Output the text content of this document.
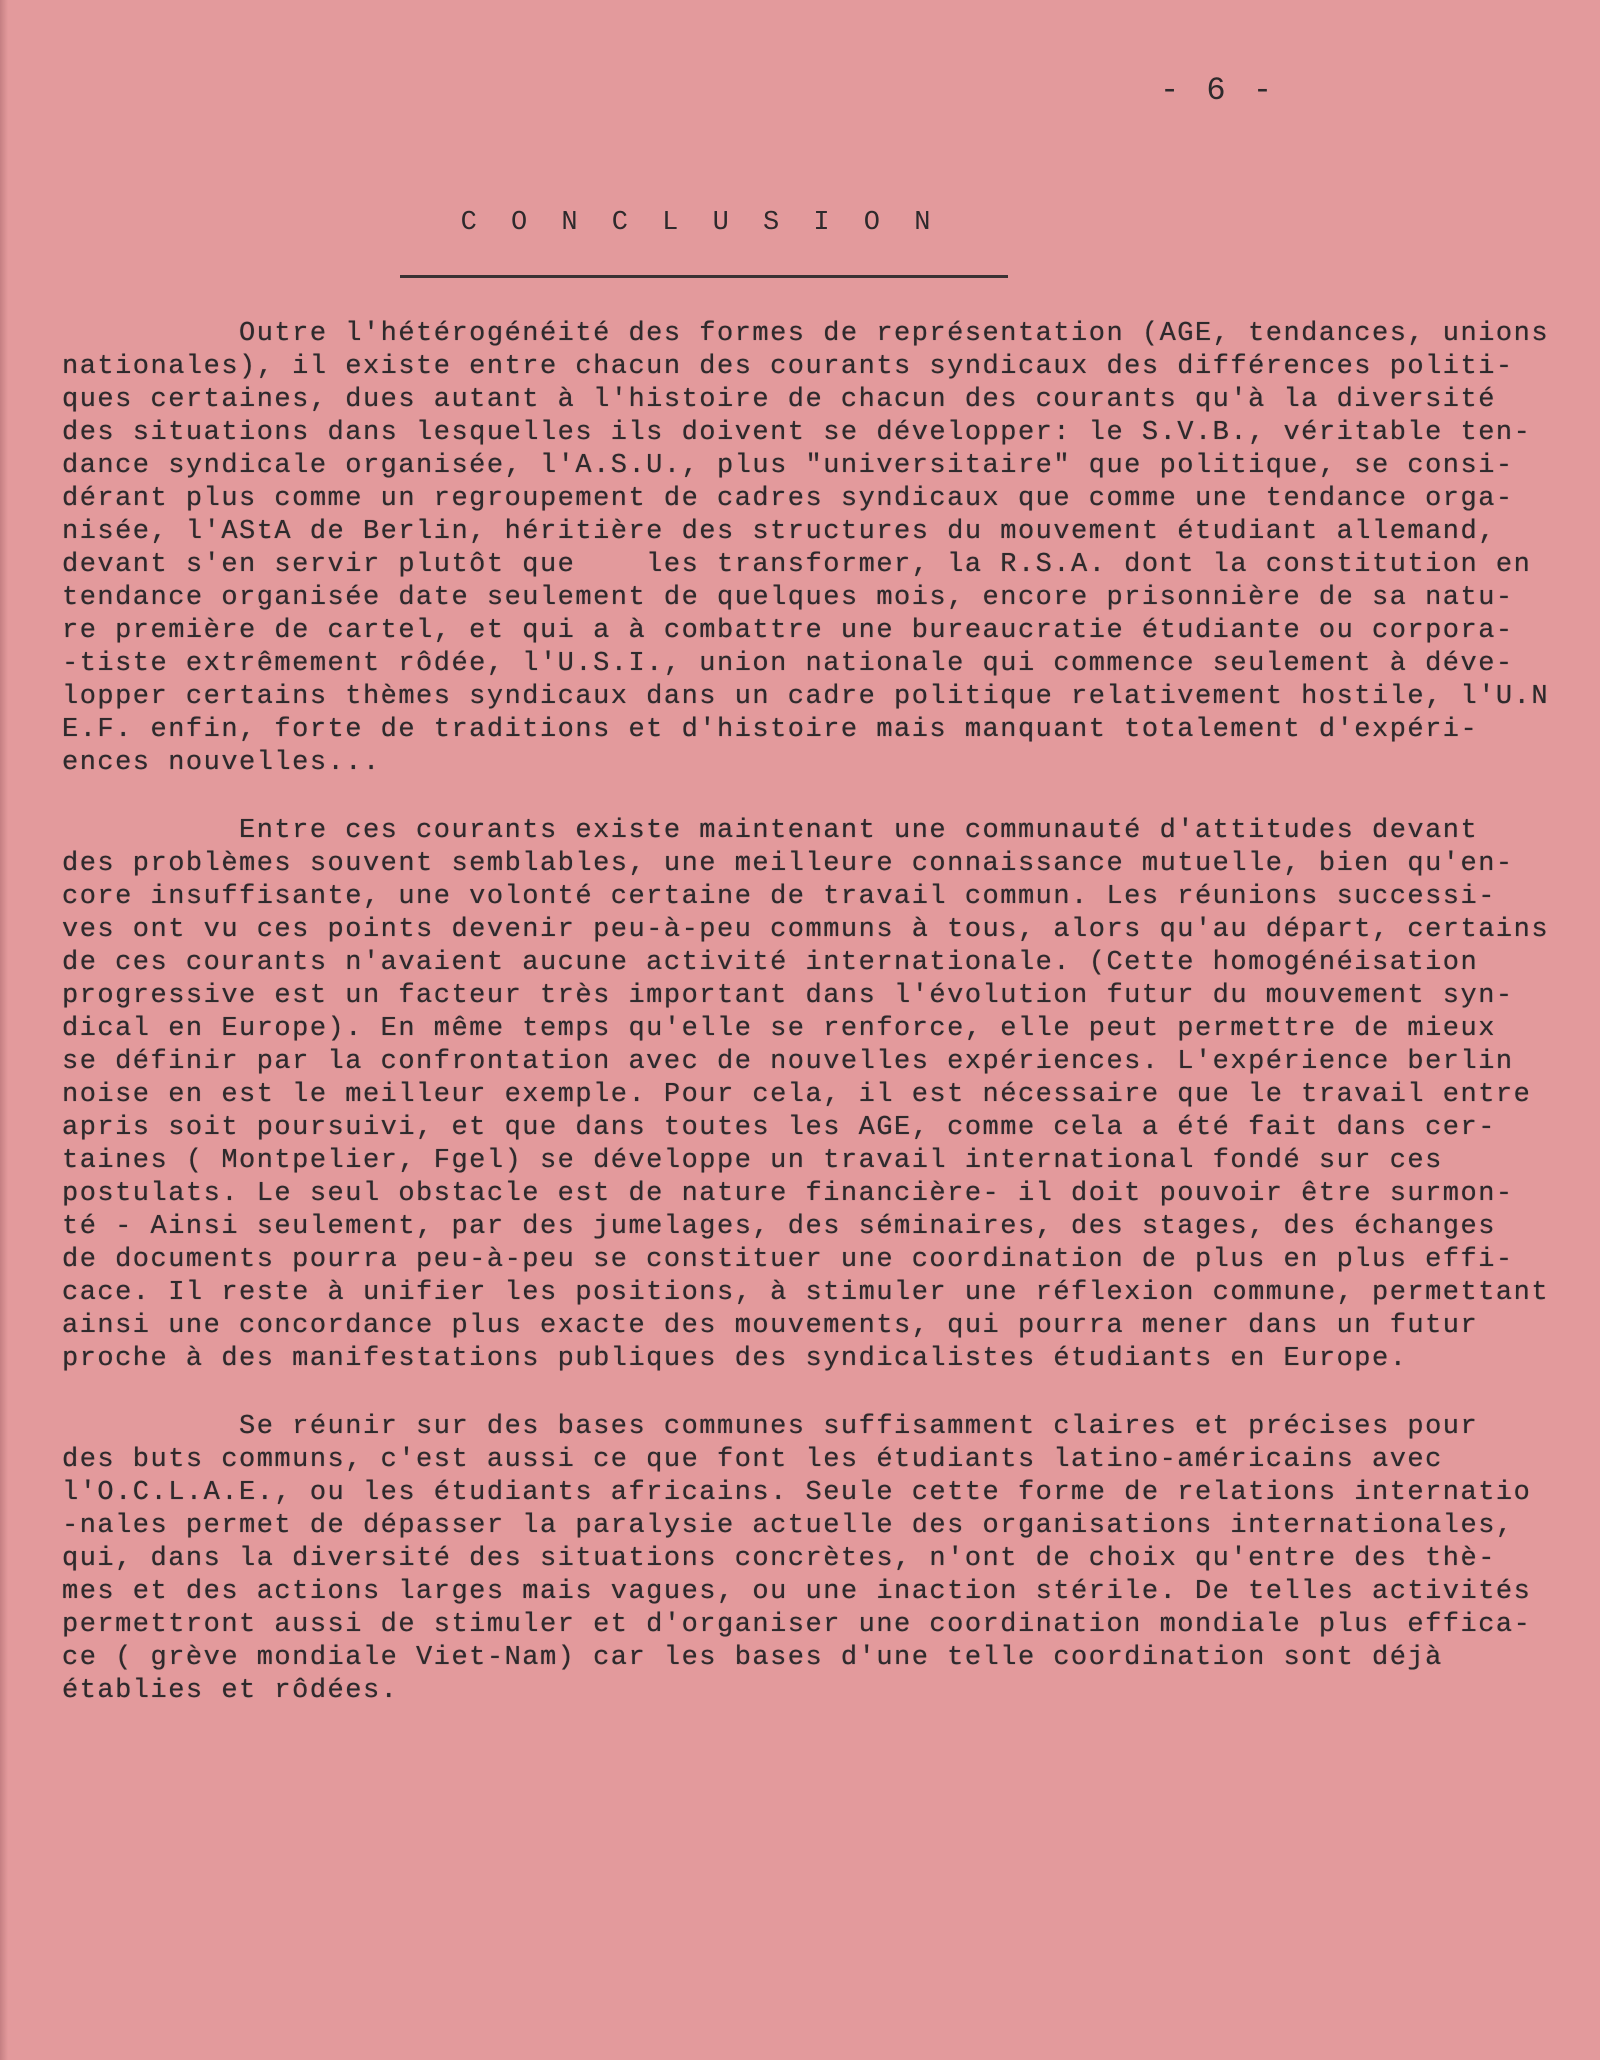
- 6 -
C O N C L U S I O N
Outre l'hétérogénéité des formes de représentation (AGE, tendances, unions
nationales), il existe entre chacun des courants syndicaux des différences politi-
ques certaines, dues autant à l'histoire de chacun des courants qu'à la diversité
des situations dans lesquelles ils doivent se développer: le S.V.B., véritable ten-
dance syndicale organisée, l'A.S.U., plus "universitaire" que politique, se consi-
dérant plus comme un regroupement de cadres syndicaux que comme une tendance orga-
nisée, l'AStA de Berlin, héritière des structures du mouvement étudiant allemand,
devant s'en servir plutôt que    les transformer, la R.S.A. dont la constitution en
tendance organisée date seulement de quelques mois, encore prisonnière de sa natu-
re première de cartel, et qui a à combattre une bureaucratie étudiante ou corpora-
-tiste extrêmement rôdée, l'U.S.I., union nationale qui commence seulement à déve-
lopper certains thèmes syndicaux dans un cadre politique relativement hostile, l'U.N
E.F. enfin, forte de traditions et d'histoire mais manquant totalement d'expéri-
ences nouvelles...
Entre ces courants existe maintenant une communauté d'attitudes devant
des problèmes souvent semblables, une meilleure connaissance mutuelle, bien qu'en-
core insuffisante, une volonté certaine de travail commun. Les réunions successi-
ves ont vu ces points devenir peu-à-peu communs à tous, alors qu'au départ, certains
de ces courants n'avaient aucune activité internationale. (Cette homogénéisation
progressive est un facteur très important dans l'évolution futur du mouvement syn-
dical en Europe). En même temps qu'elle se renforce, elle peut permettre de mieux
se définir par la confrontation avec de nouvelles expériences. L'expérience berlin
noise en est le meilleur exemple. Pour cela, il est nécessaire que le travail entre
apris soit poursuivi, et que dans toutes les AGE, comme cela a été fait dans cer-
taines ( Montpelier, Fgel) se développe un travail international fondé sur ces
postulats. Le seul obstacle est de nature financière- il doit pouvoir être surmon-
té - Ainsi seulement, par des jumelages, des séminaires, des stages, des échanges
de documents pourra peu-à-peu se constituer une coordination de plus en plus effi-
cace. Il reste à unifier les positions, à stimuler une réflexion commune, permettant
ainsi une concordance plus exacte des mouvements, qui pourra mener dans un futur
proche à des manifestations publiques des syndicalistes étudiants en Europe.
Se réunir sur des bases communes suffisamment claires et précises pour
des buts communs, c'est aussi ce que font les étudiants latino-américains avec
l'O.C.L.A.E., ou les étudiants africains. Seule cette forme de relations internatio
-nales permet de dépasser la paralysie actuelle des organisations internationales,
qui, dans la diversité des situations concrètes, n'ont de choix qu'entre des thè-
mes et des actions larges mais vagues, ou une inaction stérile. De telles activités
permettront aussi de stimuler et d'organiser une coordination mondiale plus effica-
ce ( grève mondiale Viet-Nam) car les bases d'une telle coordination sont déjà
établies et rôdées.
